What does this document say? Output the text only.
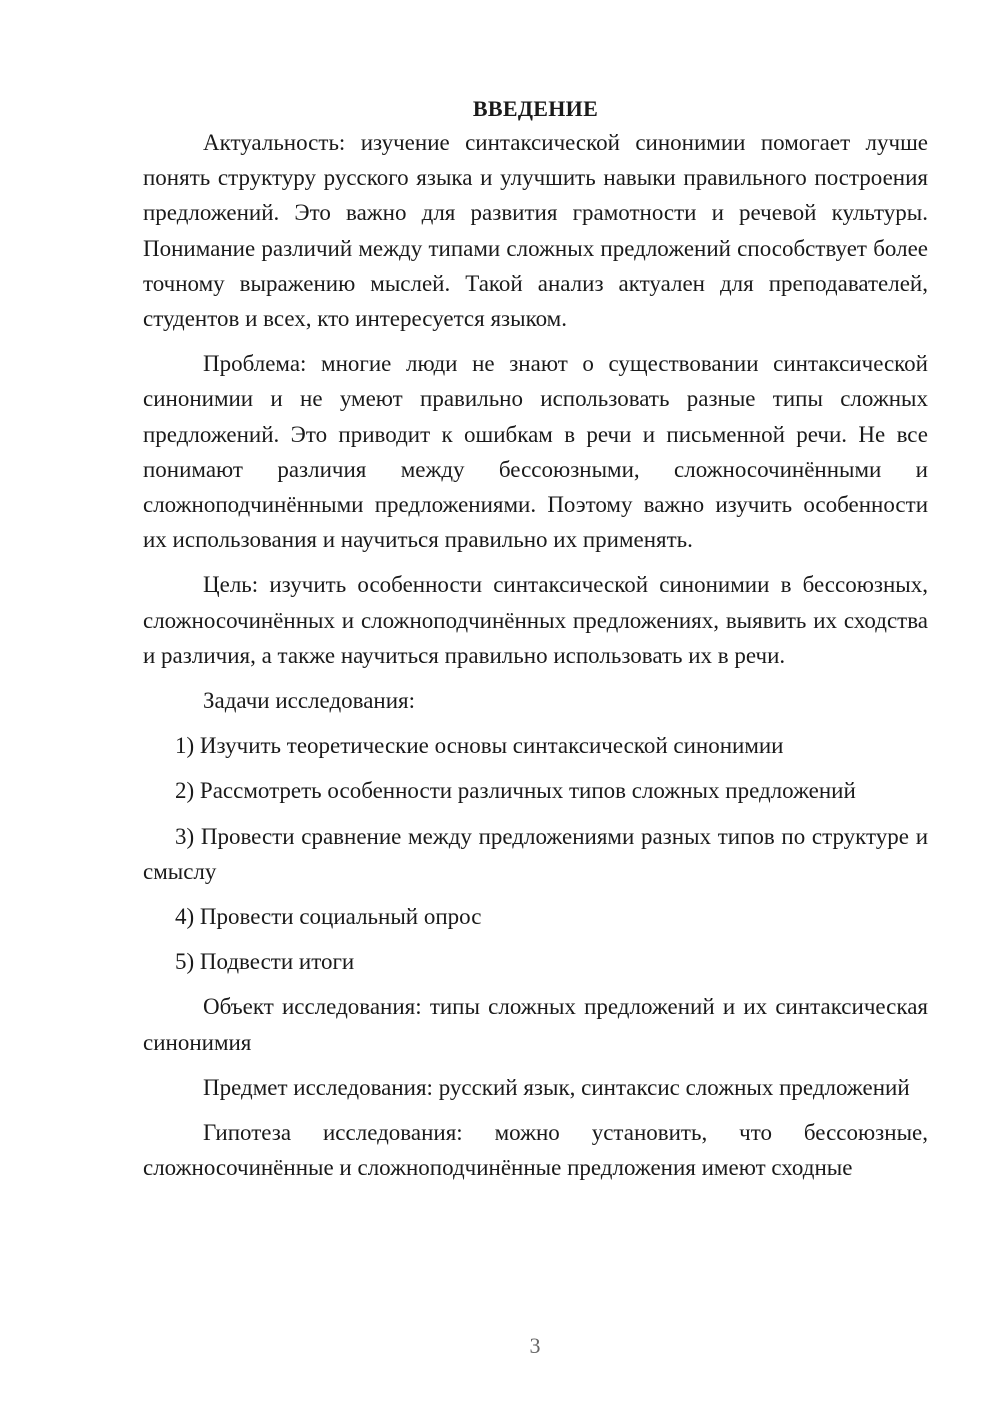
ВВЕДЕНИЕ

Актуальность: изучение синтаксической синонимии помогает лучше понять структуру русского языка и улучшить навыки правильного построения предложений. Это важно для развития грамотности и речевой культуры. Понимание различий между типами сложных предложений способствует более точному выражению мыслей. Такой анализ актуален для преподавателей, студентов и всех, кто интересуется языком.

Проблема: многие люди не знают о существовании синтаксической синонимии и не умеют правильно использовать разные типы сложных предложений. Это приводит к ошибкам в речи и письменной речи. Не все понимают различия между бессоюзными, сложносочинёнными и сложноподчинёнными предложениями. Поэтому важно изучить особенности их использования и научиться правильно их применять.

Цель: изучить особенности синтаксической синонимии в бессоюзных, сложносочинённых и сложноподчинённых предложениях, выявить их сходства и различия, а также научиться правильно использовать их в речи.

Задачи исследования:

1) Изучить теоретические основы синтаксической синонимии

2) Рассмотреть особенности различных типов сложных предложений

3) Провести сравнение между предложениями разных типов по структуре и смыслу

4) Провести социальный опрос

5) Подвести итоги

Объект исследования: типы сложных предложений и их синтаксическая синонимия

Предмет исследования: русский язык, синтаксис сложных предложений

Гипотеза исследования: можно установить, что бессоюзные, сложносочинённые и сложноподчинённые предложения имеют сходные

3
